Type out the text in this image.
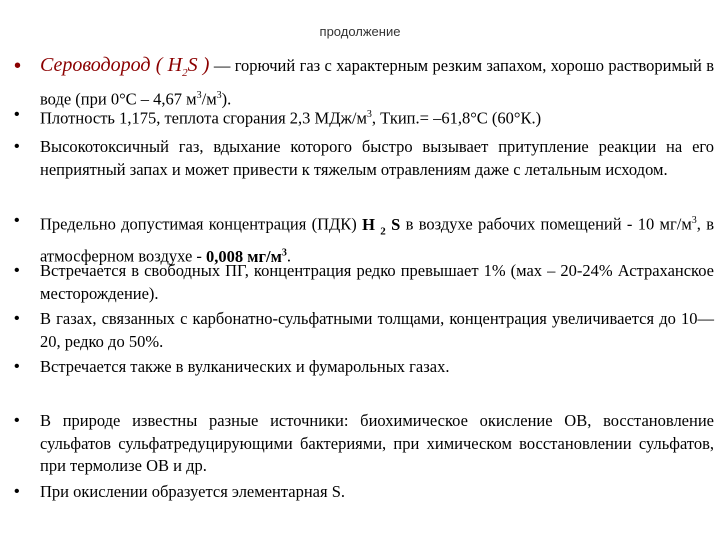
продолжение
• Сероводород ( $Н_2S$ ) — горючий газ с характерным резким запахом, хорошо растворимый в воде (при 0°С – 4,67 $м^3/м^3$).
• Плотность 1,175, теплота сгорания 2,3 МДж/$м^3$, Ткип.= –61,8°С (60°К.)
• Высокотоксичный газ, вдыхание которого быстро вызывает притупление реакции на его неприятный запах и может привести к тяжелым отравлениям даже с летальным исходом.
• Предельно допустимая концентрация (ПДК) Н $_2$ S в воздухе рабочих помещений - 10 $мг/м^3$, в атмосферном воздухе - 0,008 $мг/м^3$.
• Встречается в свободных ПГ, концентрация редко превышает 1% (мах – 20-24% Астраханское месторождение).
• В газах, связанных с карбонатно-сульфатными толщами, концентрация увеличивается до 10—20, редко до 50%.
• Встречается также в вулканических и фумарольных газах.
• В природе известны разные источники: биохимическое окисление ОВ, восстановление сульфатов сульфатредуцирующими бактериями, при химическом восстановлении сульфатов, при термолизе ОВ и др.
• При окислении образуется элементарная S.
